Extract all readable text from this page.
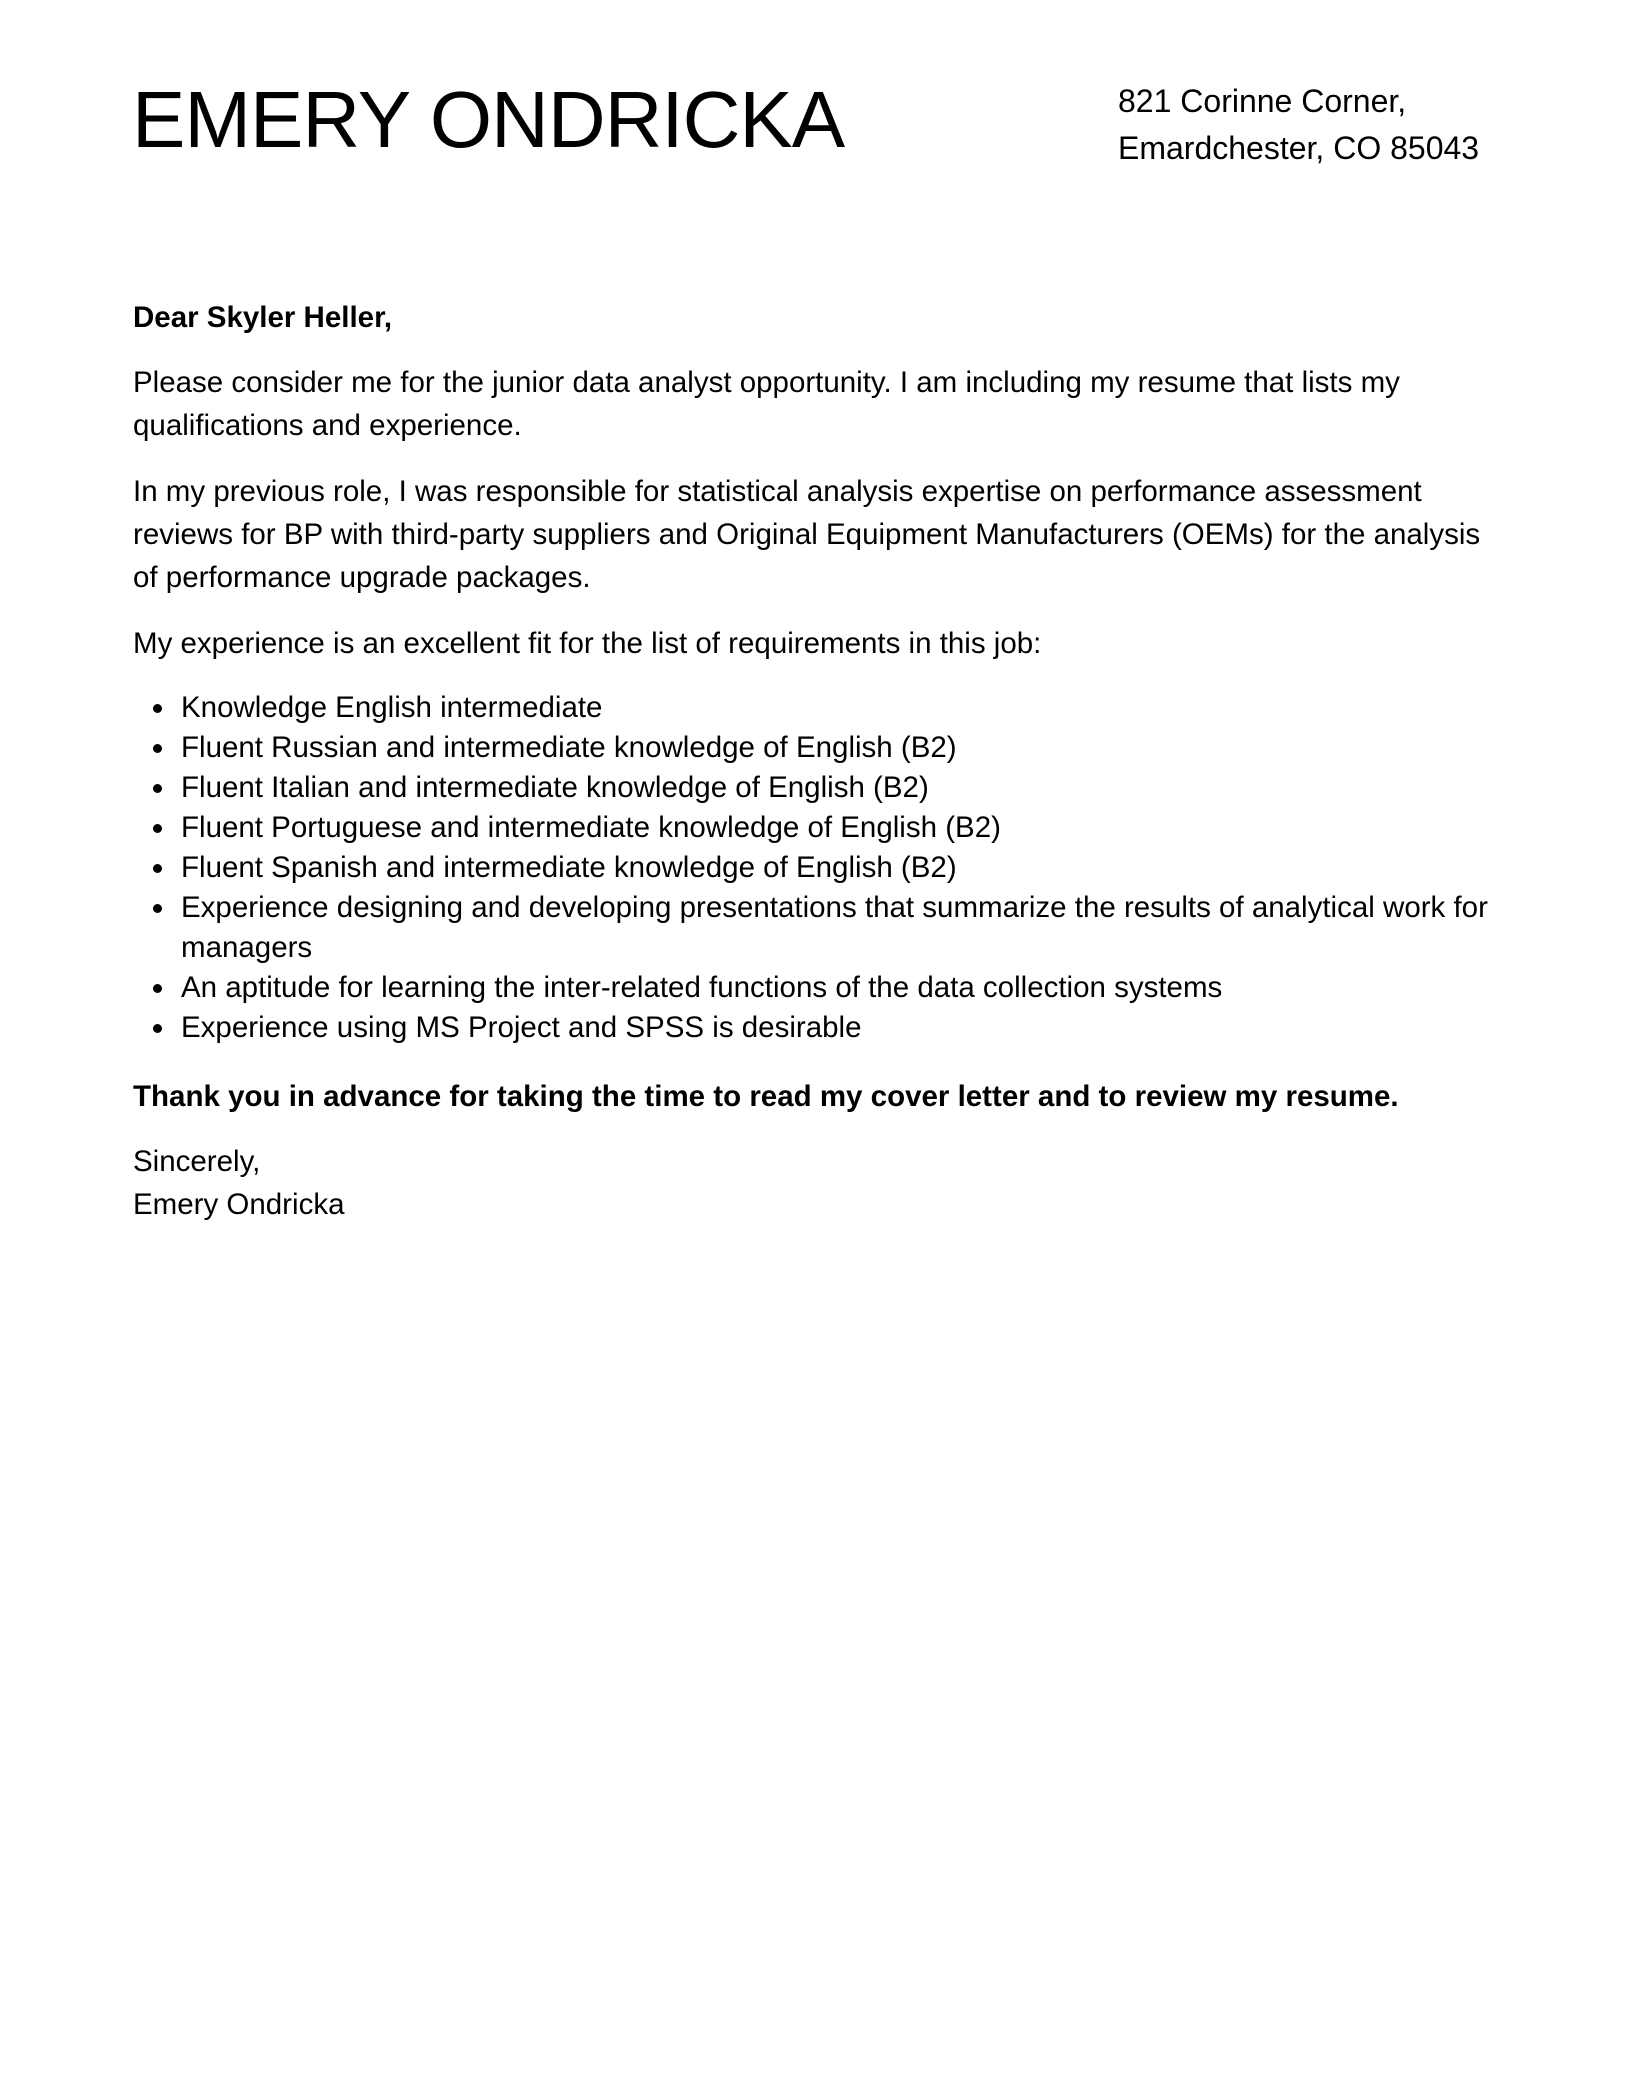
EMERY ONDRICKA	821 Corinne Corner,
Emardchester, CO 85043

Dear Skyler Heller,

Please consider me for the junior data analyst opportunity. I am including my resume that lists my qualifications and experience.

In my previous role, I was responsible for statistical analysis expertise on performance assessment reviews for BP with third-party suppliers and Original Equipment Manufacturers (OEMs) for the analysis of performance upgrade packages.

My experience is an excellent fit for the list of requirements in this job:

Knowledge English intermediate
Fluent Russian and intermediate knowledge of English (B2)
Fluent Italian and intermediate knowledge of English (B2)
Fluent Portuguese and intermediate knowledge of English (B2)
Fluent Spanish and intermediate knowledge of English (B2)
Experience designing and developing presentations that summarize the results of analytical work for managers
An aptitude for learning the inter-related functions of the data collection systems
Experience using MS Project and SPSS is desirable

Thank you in advance for taking the time to read my cover letter and to review my resume.

Sincerely,
Emery Ondricka
